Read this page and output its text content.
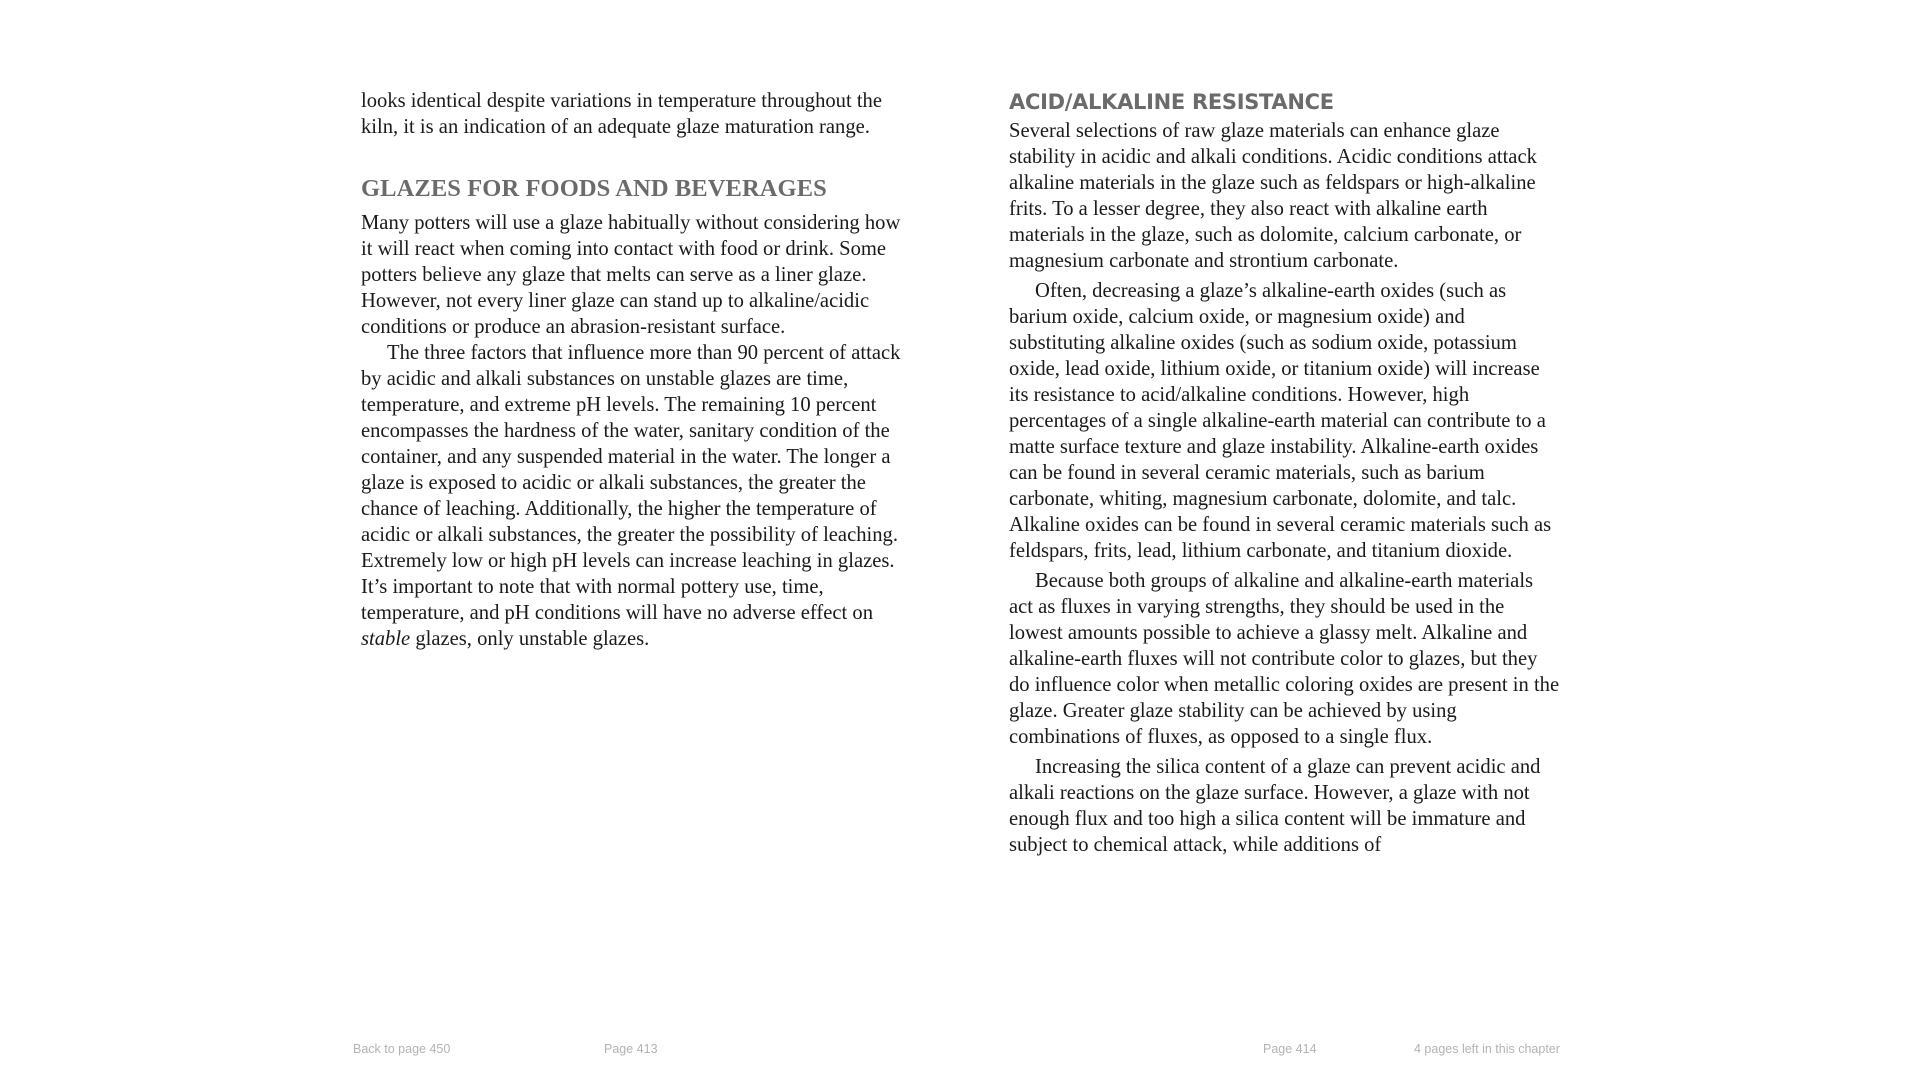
looks identical despite variations in temperature throughout the kiln, it is an indication of an adequate glaze maturation range.

GLAZES FOR FOODS AND BEVERAGES

Many potters will use a glaze habitually without considering how it will react when coming into contact with food or drink. Some potters believe any glaze that melts can serve as a liner glaze. However, not every liner glaze can stand up to alkaline/acidic conditions or produce an abrasion-resistant surface.

The three factors that influence more than 90 percent of attack by acidic and alkali substances on unstable glazes are time, temperature, and extreme pH levels. The remaining 10 percent encompasses the hardness of the water, sanitary condition of the container, and any suspended material in the water. The longer a glaze is exposed to acidic or alkali substances, the greater the chance of leaching. Additionally, the higher the temperature of acidic or alkali substances, the greater the possibility of leaching. Extremely low or high pH levels can increase leaching in glazes. It’s important to note that with normal pottery use, time, temperature, and pH conditions will have no adverse effect on stable glazes, only unstable glazes.

ACID/ALKALINE RESISTANCE

Several selections of raw glaze materials can enhance glaze stability in acidic and alkali conditions. Acidic conditions attack alkaline materials in the glaze such as feldspars or high-alkaline frits. To a lesser degree, they also react with alkaline earth materials in the glaze, such as dolomite, calcium carbonate, or magnesium carbonate and strontium carbonate.

Often, decreasing a glaze’s alkaline-earth oxides (such as barium oxide, calcium oxide, or magnesium oxide) and substituting alkaline oxides (such as sodium oxide, potassium oxide, lead oxide, lithium oxide, or titanium oxide) will increase its resistance to acid/alkaline conditions. However, high percentages of a single alkaline-earth material can contribute to a matte surface texture and glaze instability. Alkaline-earth oxides can be found in several ceramic materials, such as barium carbonate, whiting, magnesium carbonate, dolomite, and talc. Alkaline oxides can be found in several ceramic materials such as feldspars, frits, lead, lithium carbonate, and titanium dioxide.

Because both groups of alkaline and alkaline-earth materials act as fluxes in varying strengths, they should be used in the lowest amounts possible to achieve a glassy melt. Alkaline and alkaline-earth fluxes will not contribute color to glazes, but they do influence color when metallic coloring oxides are present in the glaze. Greater glaze stability can be achieved by using combinations of fluxes, as opposed to a single flux.

Increasing the silica content of a glaze can prevent acidic and alkali reactions on the glaze surface. However, a glaze with not enough flux and too high a silica content will be immature and subject to chemical attack, while additions of

Back to page 450	Page 413	Page 414	4 pages left in this chapter
